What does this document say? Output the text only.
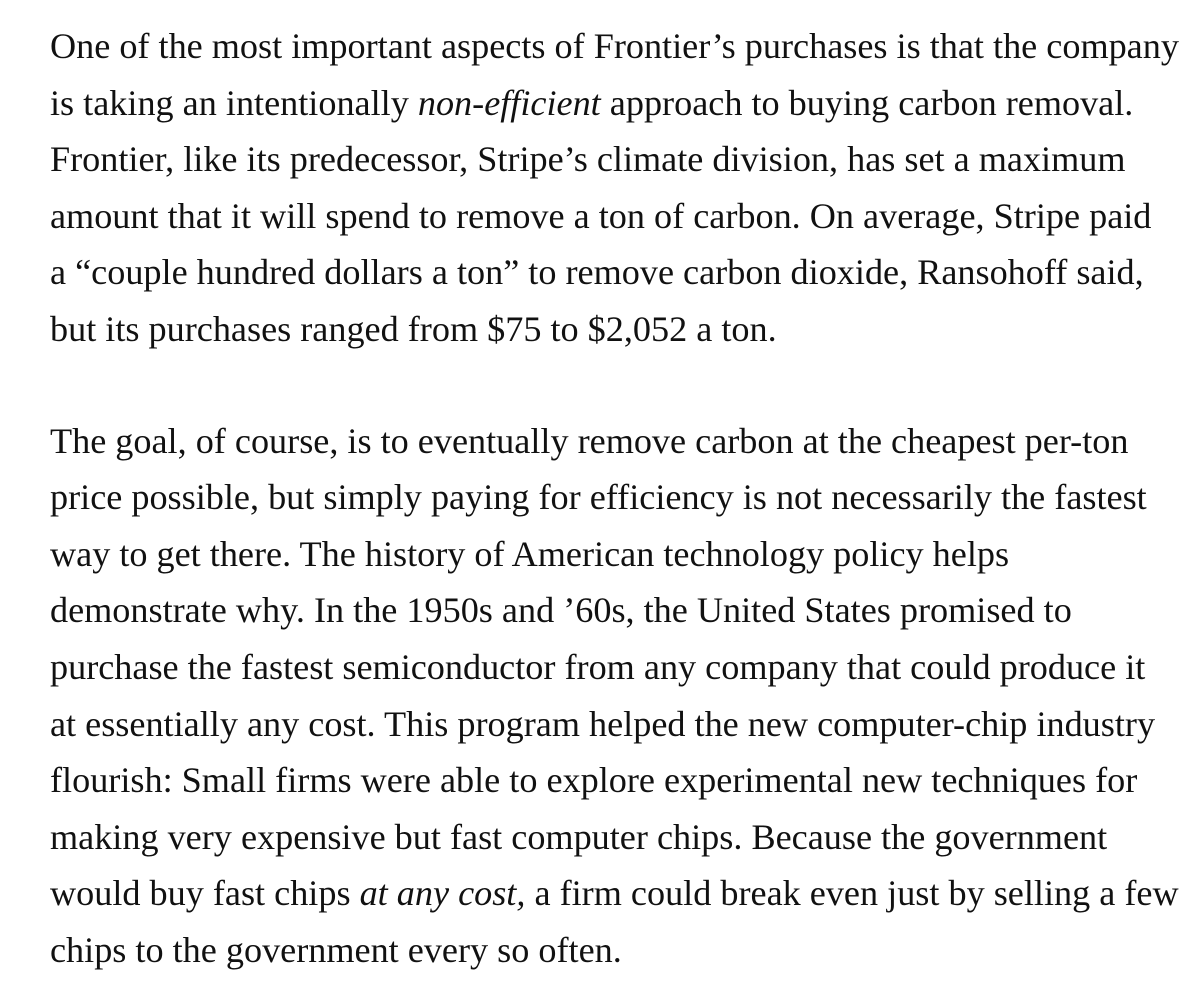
One of the most important aspects of Frontier’s purchases is that the company
is taking an intentionally non-efficient approach to buying carbon removal.
Frontier, like its predecessor, Stripe’s climate division, has set a maximum
amount that it will spend to remove a ton of carbon. On average, Stripe paid
a “couple hundred dollars a ton” to remove carbon dioxide, Ransohoff said,
but its purchases ranged from $75 to $2,052 a ton.

The goal, of course, is to eventually remove carbon at the cheapest per-ton
price possible, but simply paying for efficiency is not necessarily the fastest
way to get there. The history of American technology policy helps
demonstrate why. In the 1950s and ’60s, the United States promised to
purchase the fastest semiconductor from any company that could produce it
at essentially any cost. This program helped the new computer-chip industry
flourish: Small firms were able to explore experimental new techniques for
making very expensive but fast computer chips. Because the government
would buy fast chips at any cost, a firm could break even just by selling a few
chips to the government every so often.
